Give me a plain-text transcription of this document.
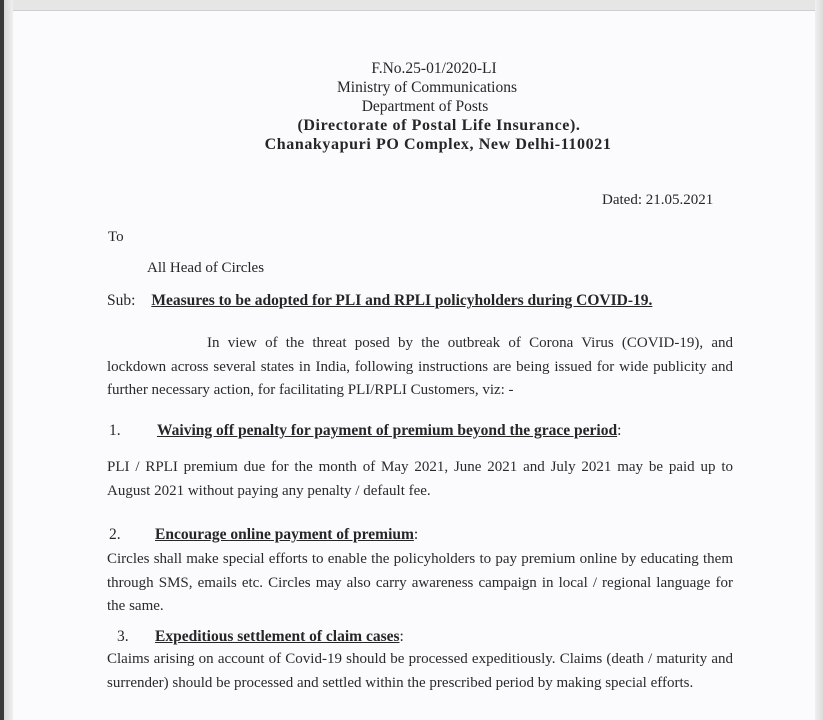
F.No.25-01/2020-LI
Ministry of Communications
Department of Posts
(Directorate of Postal Life Insurance).
Chanakyapuri PO Complex, New Delhi-110021
Dated: 21.05.2021
To
All Head of Circles
Sub: Measures to be adopted for PLI and RPLI policyholders during COVID-19.
In view of the threat posed by the outbreak of Corona Virus (COVID-19), and lockdown across several states in India, following instructions are being issued for wide publicity and further necessary action, for facilitating PLI/RPLI Customers, viz: -
1. Waiving off penalty for payment of premium beyond the grace period:
PLI / RPLI premium due for the month of May 2021, June 2021 and July 2021 may be paid up to August 2021 without paying any penalty / default fee.
2. Encourage online payment of premium:
Circles shall make special efforts to enable the policyholders to pay premium online by educating them through SMS, emails etc. Circles may also carry awareness campaign in local / regional language for the same.
3. Expeditious settlement of claim cases:
Claims arising on account of Covid-19 should be processed expeditiously. Claims (death / maturity and surrender) should be processed and settled within the prescribed period by making special efforts.
